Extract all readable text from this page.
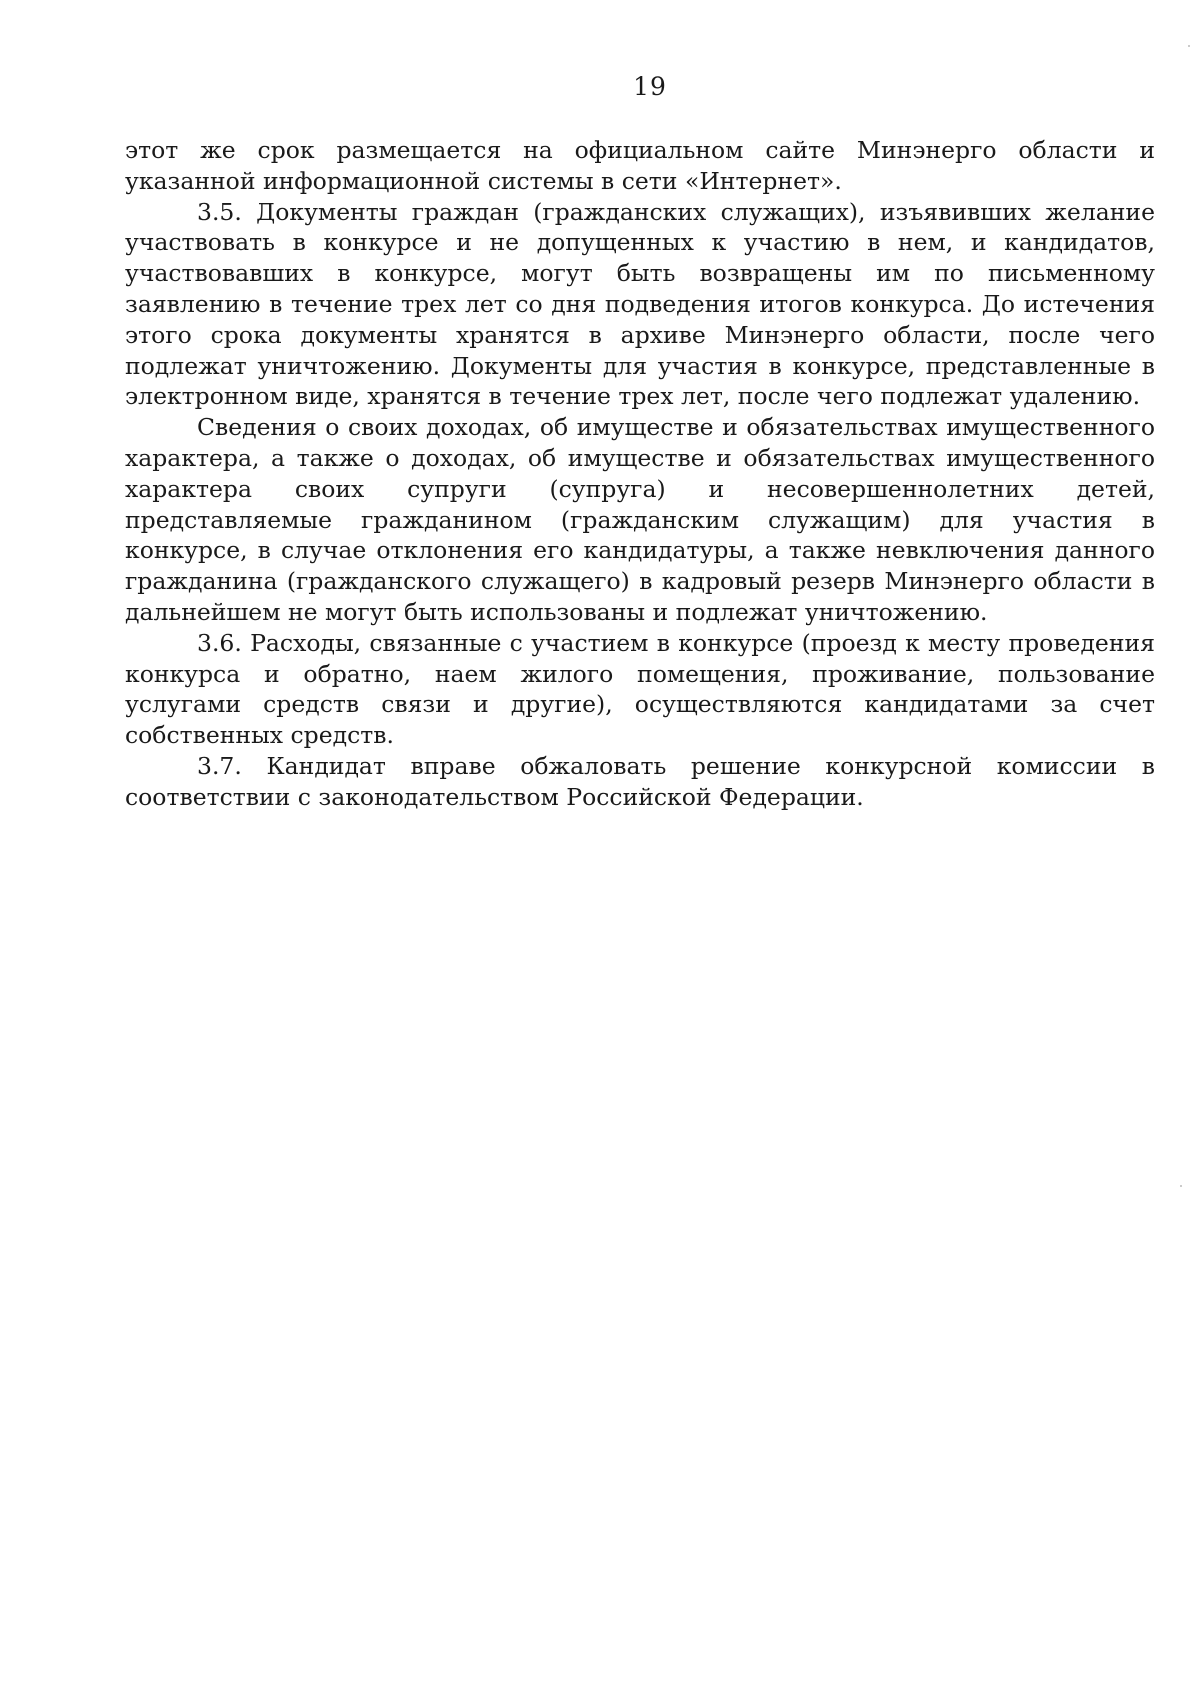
19

этот же срок размещается на официальном сайте Минэнерго области и указанной информационной системы в сети «Интернет».

3.5. Документы граждан (гражданских служащих), изъявивших желание участвовать в конкурсе и не допущенных к участию в нем, и кандидатов, участвовавших в конкурсе, могут быть возвращены им по письменному заявлению в течение трех лет со дня подведения итогов конкурса. До истечения этого срока документы хранятся в архиве Минэнерго области, после чего подлежат уничтожению. Документы для участия в конкурсе, представленные в электронном виде, хранятся в течение трех лет, после чего подлежат удалению.

Сведения о своих доходах, об имуществе и обязательствах имущественного характера, а также о доходах, об имуществе и обязательствах имущественного характера своих супруги (супруга) и несовершеннолетних детей, представляемые гражданином (гражданским служащим) для участия в конкурсе, в случае отклонения его кандидатуры, а также невключения данного гражданина (гражданского служащего) в кадровый резерв Минэнерго области в дальнейшем не могут быть использованы и подлежат уничтожению.

3.6. Расходы, связанные с участием в конкурсе (проезд к месту проведения конкурса и обратно, наем жилого помещения, проживание, пользование услугами средств связи и другие), осуществляются кандидатами за счет собственных средств.

3.7. Кандидат вправе обжаловать решение конкурсной комиссии в соответствии с законодательством Российской Федерации.
